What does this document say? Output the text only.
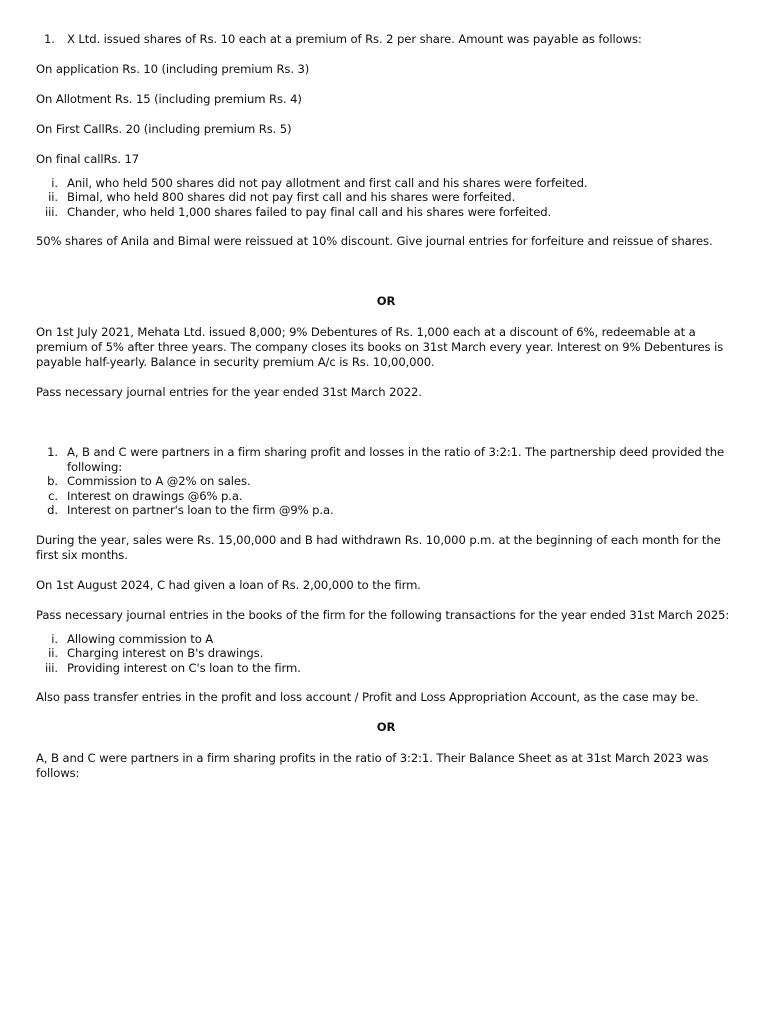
1. X Ltd. issued shares of Rs. 10 each at a premium of Rs. 2 per share. Amount was payable as follows:

On application Rs. 10 (including premium Rs. 3)

On Allotment Rs. 15 (including premium Rs. 4)

On First CallRs. 20 (including premium Rs. 5)

On final callRs. 17

i. Anil, who held 500 shares did not pay allotment and first call and his shares were forfeited.
ii. Bimal, who held 800 shares did not pay first call and his shares were forfeited.
iii. Chander, who held 1,000 shares failed to pay final call and his shares were forfeited.

50% shares of Anila and Bimal were reissued at 10% discount. Give journal entries for forfeiture and reissue of shares.

OR

On 1st July 2021, Mehata Ltd. issued 8,000; 9% Debentures of Rs. 1,000 each at a discount of 6%, redeemable at a premium of 5% after three years. The company closes its books on 31st March every year. Interest on 9% Debentures is payable half-yearly. Balance in security premium A/c is Rs. 10,00,000.

Pass necessary journal entries for the year ended 31st March 2022.

1. A, B and C were partners in a firm sharing profit and losses in the ratio of 3:2:1. The partnership deed provided the following:
b. Commission to A @2% on sales.
c. Interest on drawings @6% p.a.
d. Interest on partner's loan to the firm @9% p.a.

During the year, sales were Rs. 15,00,000 and B had withdrawn Rs. 10,000 p.m. at the beginning of each month for the first six months.

On 1st August 2024, C had given a loan of Rs. 2,00,000 to the firm.

Pass necessary journal entries in the books of the firm for the following transactions for the year ended 31st March 2025:

i. Allowing commission to A
ii. Charging interest on B's drawings.
iii. Providing interest on C's loan to the firm.

Also pass transfer entries in the profit and loss account / Profit and Loss Appropriation Account, as the case may be.

OR

A, B and C were partners in a firm sharing profits in the ratio of 3:2:1. Their Balance Sheet as at 31st March 2023 was follows:
